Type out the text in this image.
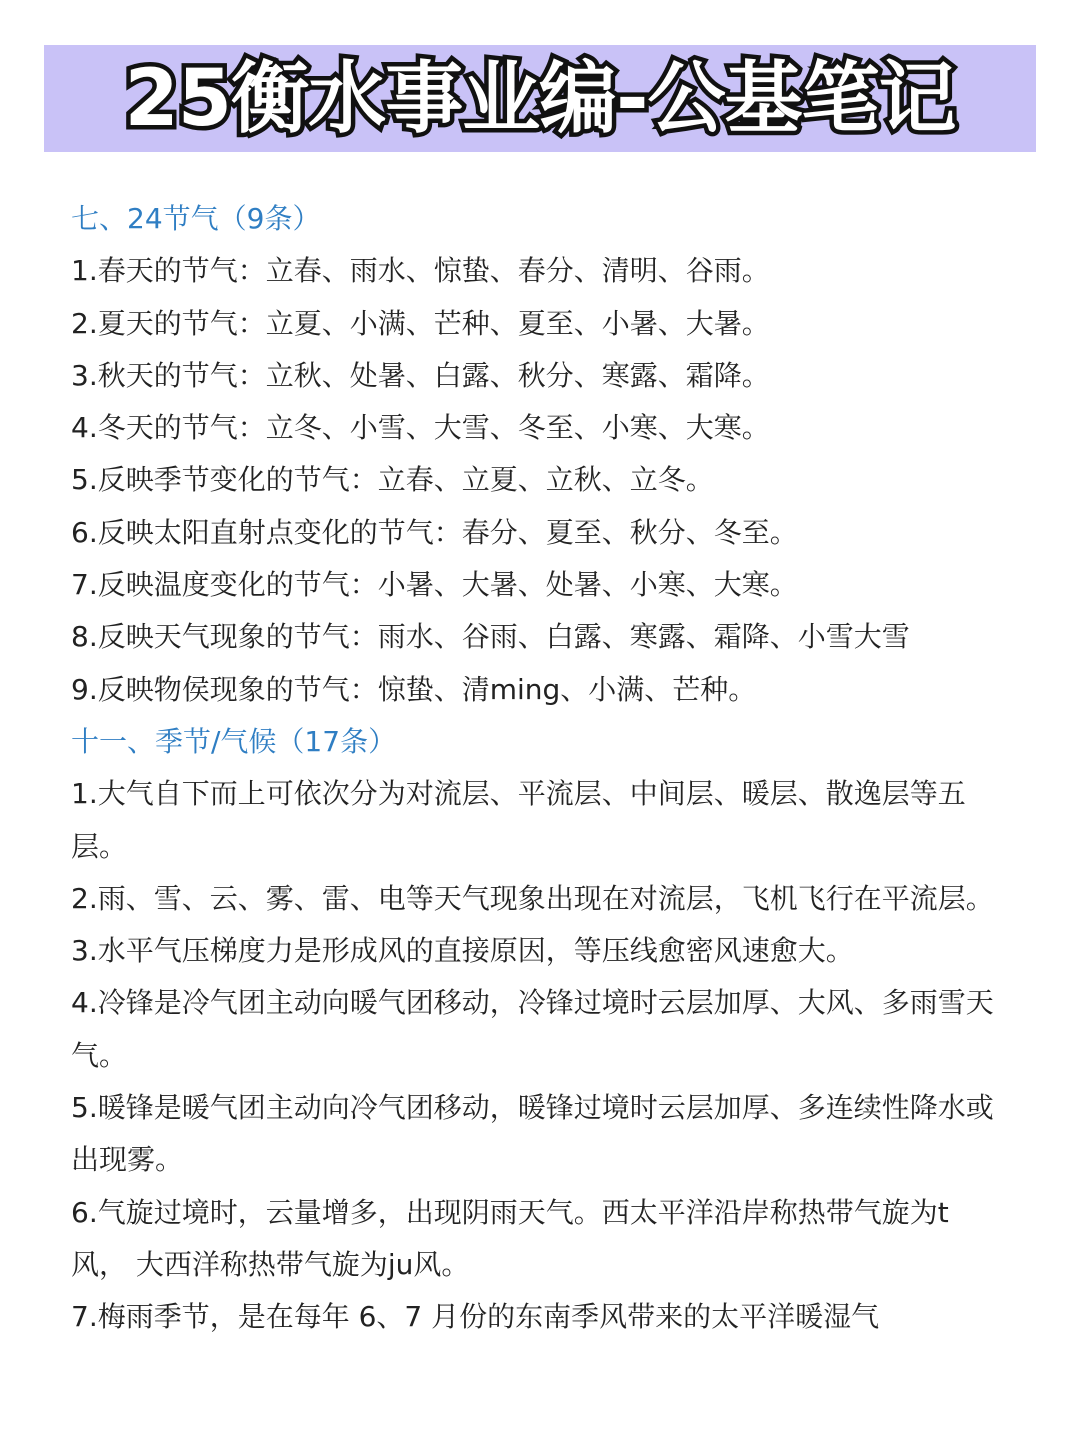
25衡水事业编-公基笔记
七、24节气（9条）
1.春天的节气：立春、雨水、惊蛰、春分、清明、谷雨。
2.夏天的节气：立夏、小满、芒种、夏至、小暑、大暑。
3.秋天的节气：立秋、处暑、白露、秋分、寒露、霜降。
4.冬天的节气：立冬、小雪、大雪、冬至、小寒、大寒。
5.反映季节变化的节气：立春、立夏、立秋、立冬。
6.反映太阳直射点变化的节气：春分、夏至、秋分、冬至。
7.反映温度变化的节气：小暑、大暑、处暑、小寒、大寒。
8.反映天气现象的节气：雨水、谷雨、白露、寒露、霜降、小雪大雪
9.反映物侯现象的节气：惊蛰、清ming、小满、芒种。
十一、季节/气候（17条）
1.大气自下而上可依次分为对流层、平流层、中间层、暖层、散逸层等五层。
2.雨、雪、云、雾、雷、电等天气现象出现在对流层，飞机飞行在平流层。
3.水平气压梯度力是形成风的直接原因，等压线愈密风速愈大。
4.冷锋是冷气团主动向暖气团移动，冷锋过境时云层加厚、大风、多雨雪天气。
5.暖锋是暖气团主动向冷气团移动，暖锋过境时云层加厚、多连续性降水或出现雾。
6.气旋过境时，云量增多，出现阴雨天气。西太平洋沿岸称热带气旋为t风， 大西洋称热带气旋为ju风。
7.梅雨季节，是在每年 6、7 月份的东南季风带来的太平洋暖湿气
